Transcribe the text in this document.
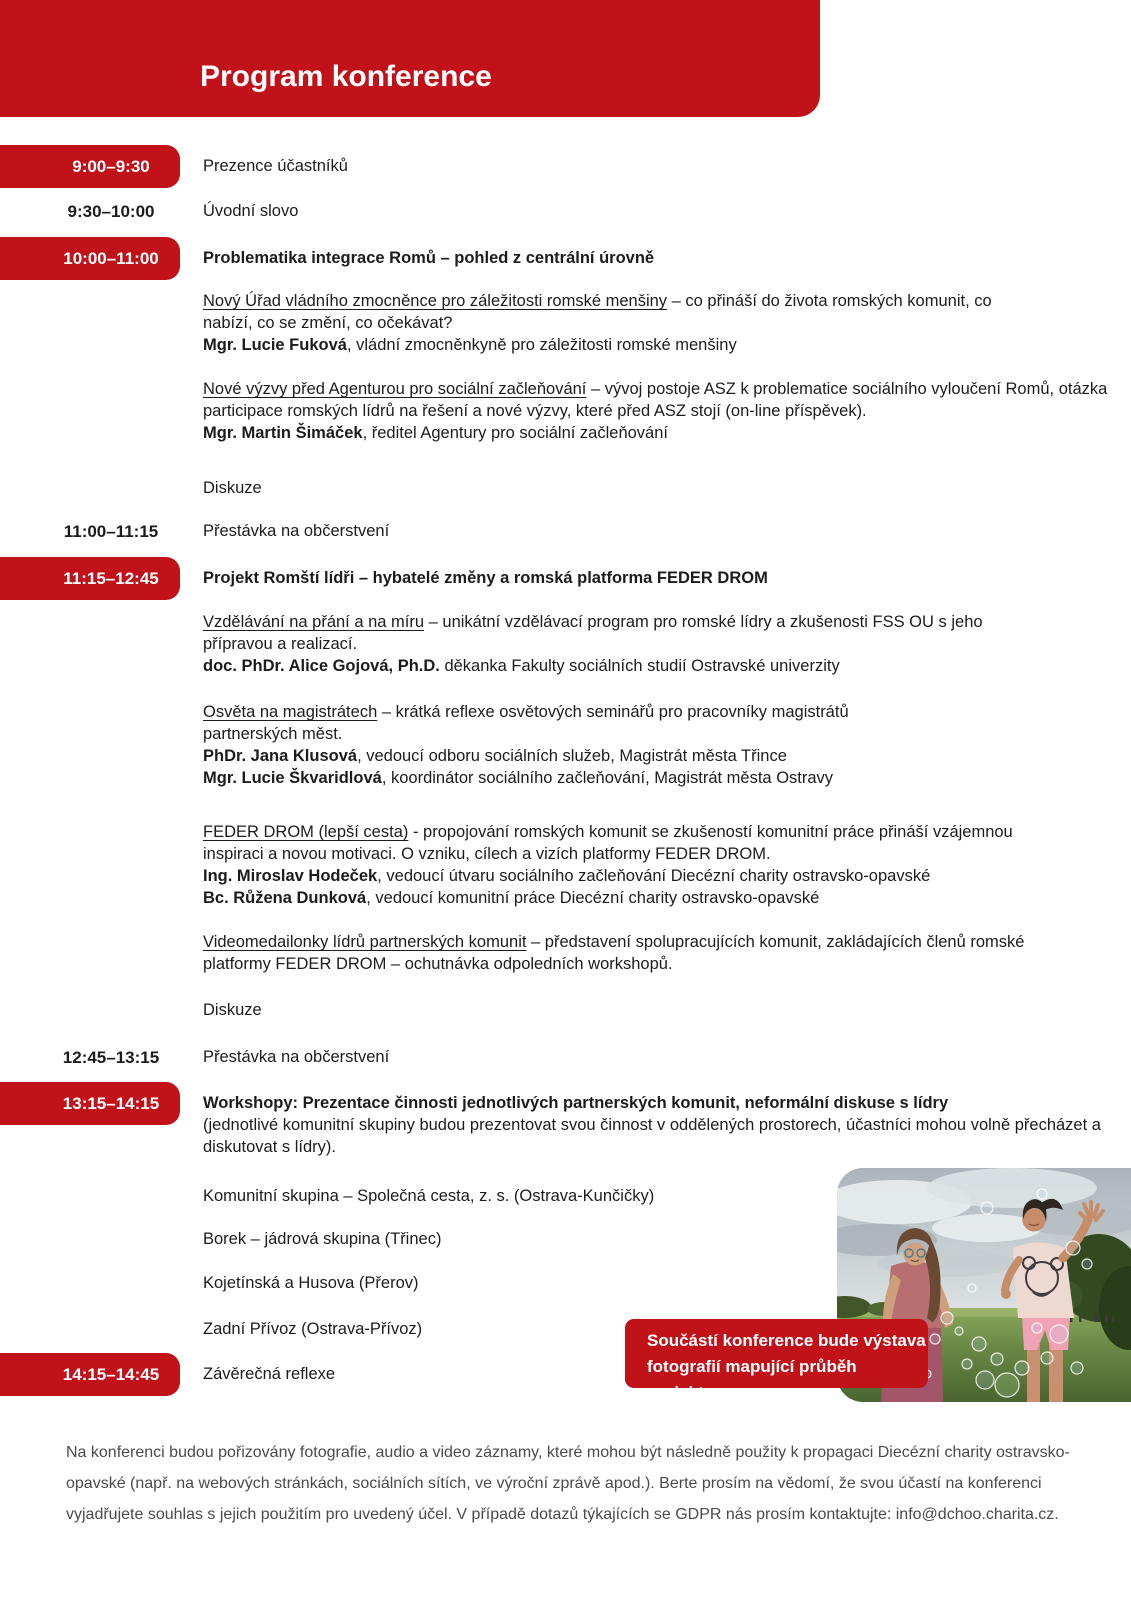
Program konference
9:00–9:30	Prezence účastníků
9:30–10:00	Úvodní slovo
10:00–11:00	Problematika integrace Romů – pohled z centrální úrovně
Nový Úřad vládního zmocněnce pro záležitosti romské menšiny – co přináší do života romských komunit, co nabízí, co se změní, co očekávat?
Mgr. Lucie Fuková, vládní zmocněnkyně pro záležitosti romské menšiny
Nové výzvy před Agenturou pro sociální začleňování – vývoj postoje ASZ k problematice sociálního vyloučení Romů, otázka participace romských lídrů na řešení a nové výzvy, které před ASZ stojí (on-line příspěvek).
Mgr. Martin Šimáček, ředitel Agentury pro sociální začleňování
Diskuze
11:00–11:15	Přestávka na občerstvení
11:15–12:45	Projekt Romští lídři – hybatelé změny a romská platforma FEDER DROM
Vzdělávání na přání a na míru – unikátní vzdělávací program pro romské lídry a zkušenosti FSS OU s jeho přípravou a realizací.
doc. PhDr. Alice Gojová, Ph.D. děkanka Fakulty sociálních studií Ostravské univerzity
Osvěta na magistrátech – krátká reflexe osvětových seminářů pro pracovníky magistrátů partnerských měst.
PhDr. Jana Klusová, vedoucí odboru sociálních služeb, Magistrát města Třince
Mgr. Lucie Škvaridlová, koordinátor sociálního začleňování, Magistrát města Ostravy
FEDER DROM (lepší cesta) - propojování romských komunit se zkušeností komunitní práce přináší vzájemnou inspiraci a novou motivaci. O vzniku, cílech a vizích platformy FEDER DROM.
Ing. Miroslav Hodeček, vedoucí útvaru sociálního začleňování Diecézní charity ostravsko-opavské
Bc. Růžena Dunková, vedoucí komunitní práce Diecézní charity ostravsko-opavské
Videomedailonky lídrů partnerských komunit – představení spolupracujících komunit, zakládajících členů romské platformy FEDER DROM – ochutnávka odpoledních workshopů.
Diskuze
12:45–13:15	Přestávka na občerstvení
13:15–14:15	Workshopy: Prezentace činnosti jednotlivých partnerských komunit, neformální diskuse s lídry
(jednotlivé komunitní skupiny budou prezentovat svou činnost v oddělených prostorech, účastníci mohou volně přecházet a diskutovat s lídry).
Komunitní skupina – Společná cesta, z. s. (Ostrava-Kunčičky)
Borek – jádrová skupina (Třinec)
Kojetínská a Husova (Přerov)
Zadní Přívoz (Ostrava-Přívoz)
14:15–14:45	Závěrečná reflexe
Součástí konference bude výstava
fotografií mapující průběh projektu.
Na konferenci budou pořizovány fotografie, audio a video záznamy, které mohou být následně použity k propagaci Diecézní charity ostravsko-opavské (např. na webových stránkách, sociálních sítích, ve výroční zprávě apod.). Berte prosím na vědomí, že svou účastí na konferenci vyjadřujete souhlas s jejich použitím pro uvedený účel. V případě dotazů týkajících se GDPR nás prosím kontaktujte: info@dchoo.charita.cz.
